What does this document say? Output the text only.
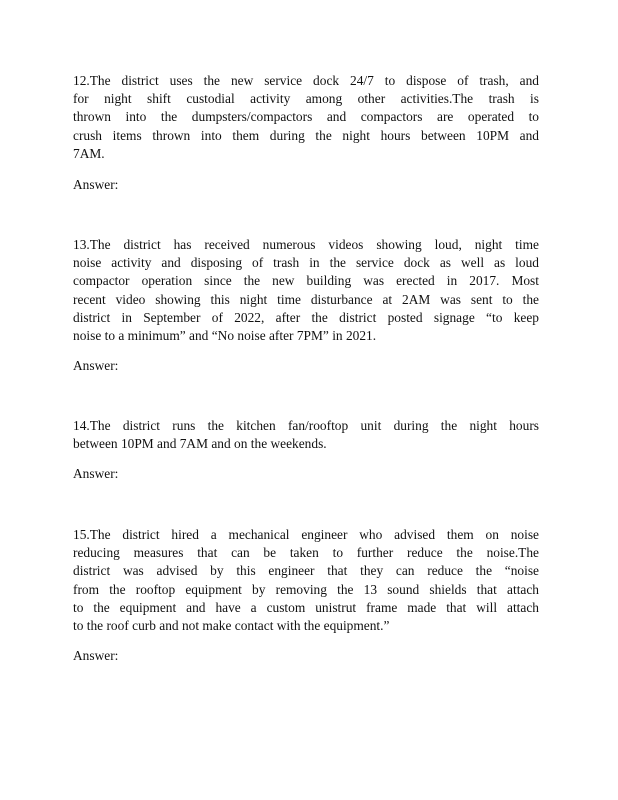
12.The district uses the new service dock 24/7 to dispose of trash, and
for night shift custodial activity among other activities.The trash is
thrown into the dumpsters/compactors and compactors are operated to
crush items thrown into them during the night hours between 10PM and
7AM.
Answer:
13.The district has received numerous videos showing loud, night time
noise activity and disposing of trash in the service dock as well as loud
compactor operation since the new building was erected in 2017. Most
recent video showing this night time disturbance at 2AM was sent to the
district in September of 2022, after the district posted signage “to keep
noise to a minimum” and “No noise after 7PM” in 2021.
Answer:
14.The district runs the kitchen fan/rooftop unit during the night hours
between 10PM and 7AM and on the weekends.
Answer:
15.The district hired a mechanical engineer who advised them on noise
reducing measures that can be taken to further reduce the noise.The
district was advised by this engineer that they can reduce the “noise
from the rooftop equipment by removing the 13 sound shields that attach
to the equipment and have a custom unistrut frame made that will attach
to the roof curb and not make contact with the equipment.”
Answer:
